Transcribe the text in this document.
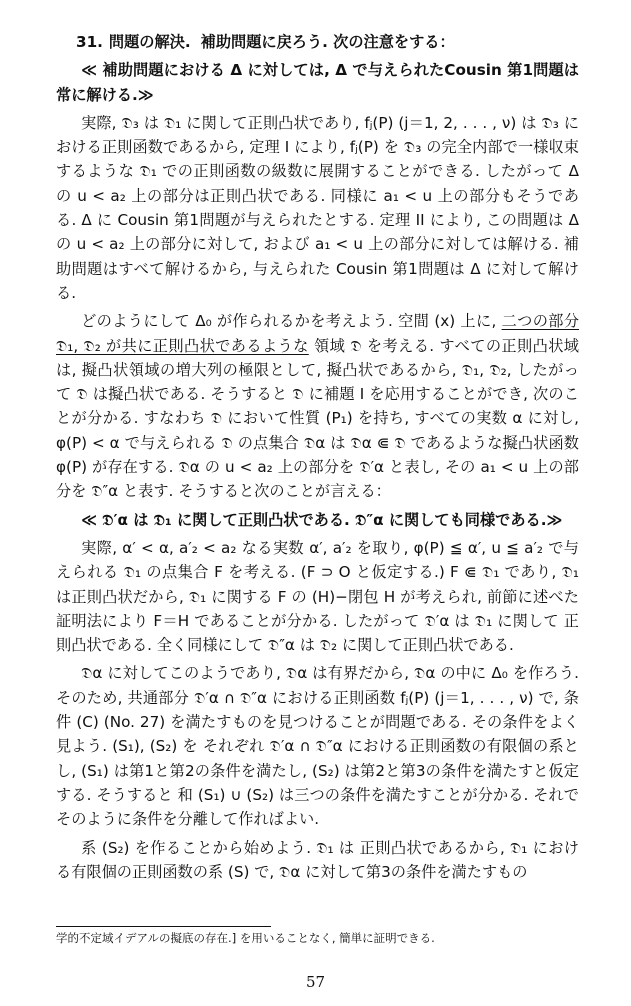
31. 問題の解決. 補助問題に戻ろう. 次の注意をする：

≪ 補助問題における Δ に対しては, Δ で与えられたCousin 第1問題は常に解ける.≫

実際, 𝔇₃ は 𝔇₁ に関して正則凸状であり, fⱼ(P) (j＝1, 2, . . . , ν) は 𝔇₃ における正則函数であるから, 定理 I により, fⱼ(P) を 𝔇₃ の完全内部で一様収束するような 𝔇₁ での正則函数の級数に展開することができる. したがって Δ の u < a₂ 上の部分は正則凸状である. 同様に a₁ < u 上の部分もそうである. Δ に Cousin 第1問題が与えられたとする. 定理 II により, この問題は Δ の u < a₂ 上の部分に対して, および a₁ < u 上の部分に対しては解ける. 補助問題はすべて解けるから, 与えられた Cousin 第1問題は Δ に対して解ける.

どのようにして Δ₀ が作られるかを考えよう. 空間 (x) 上に, 二つの部分 𝔇₁, 𝔇₂ が共に正則凸状であるような 領域 𝔇 を考える. すべての正則凸状域は, 擬凸状領域の増大列の極限として, 擬凸状であるから, 𝔇₁, 𝔇₂, したがって 𝔇 は擬凸状である. そうすると 𝔇 に補題 I を応用することができ, 次のことが分かる. すなわち 𝔇 において性質 (P₁) を持ち, すべての実数 α に対し, φ(P) < α で与えられる 𝔇 の点集合 𝔇α は 𝔇α ⋐ 𝔇 であるような擬凸状函数 φ(P) が存在する. 𝔇α の u < a₂ 上の部分を 𝔇′α と表し, その a₁ < u 上の部分を 𝔇″α と表す. そうすると次のことが言える：

≪ 𝔇′α は 𝔇₁ に関して正則凸状である. 𝔇″α に関しても同様である.≫

実際, α′ < α, a′₂ < a₂ なる実数 α′, a′₂ を取り, φ(P) ≦ α′, u ≦ a′₂ で与えられる 𝔇₁ の点集合 F を考える. (F ⊃ O と仮定する.) F ⋐ 𝔇₁ であり, 𝔇₁ は正則凸状だから, 𝔇₁ に関する F の (H)−閉包 H が考えられ, 前節に述べた証明法により F＝H であることが分かる. したがって 𝔇′α は 𝔇₁ に関して 正則凸状である. 全く同様にして 𝔇″α は 𝔇₂ に関して正則凸状である.

𝔇α に対してこのようであり, 𝔇α は有界だから, 𝔇α の中に Δ₀ を作ろう. そのため, 共通部分 𝔇′α ∩ 𝔇″α における正則函数 fⱼ(P) (j＝1, . . . , ν) で, 条件 (C) (No. 27) を満たすものを見つけることが問題である. その条件をよく見よう. (S₁), (S₂) を それぞれ 𝔇′α ∩ 𝔇″α における正則函数の有限個の系とし, (S₁) は第1と第2の条件を満たし, (S₂) は第2と第3の条件を満たすと仮定する. そうすると 和 (S₁) ∪ (S₂) は三つの条件を満たすことが分かる. それでそのように条件を分離して作ればよい.

系 (S₂) を作ることから始めよう. 𝔇₁ は 正則凸状であるから, 𝔇₁ における有限個の正則函数の系 (S) で, 𝔇α に対して第3の条件を満たすもの

学的不定域イデアルの擬底の存在.] を用いることなく, 簡単に証明できる.
57
